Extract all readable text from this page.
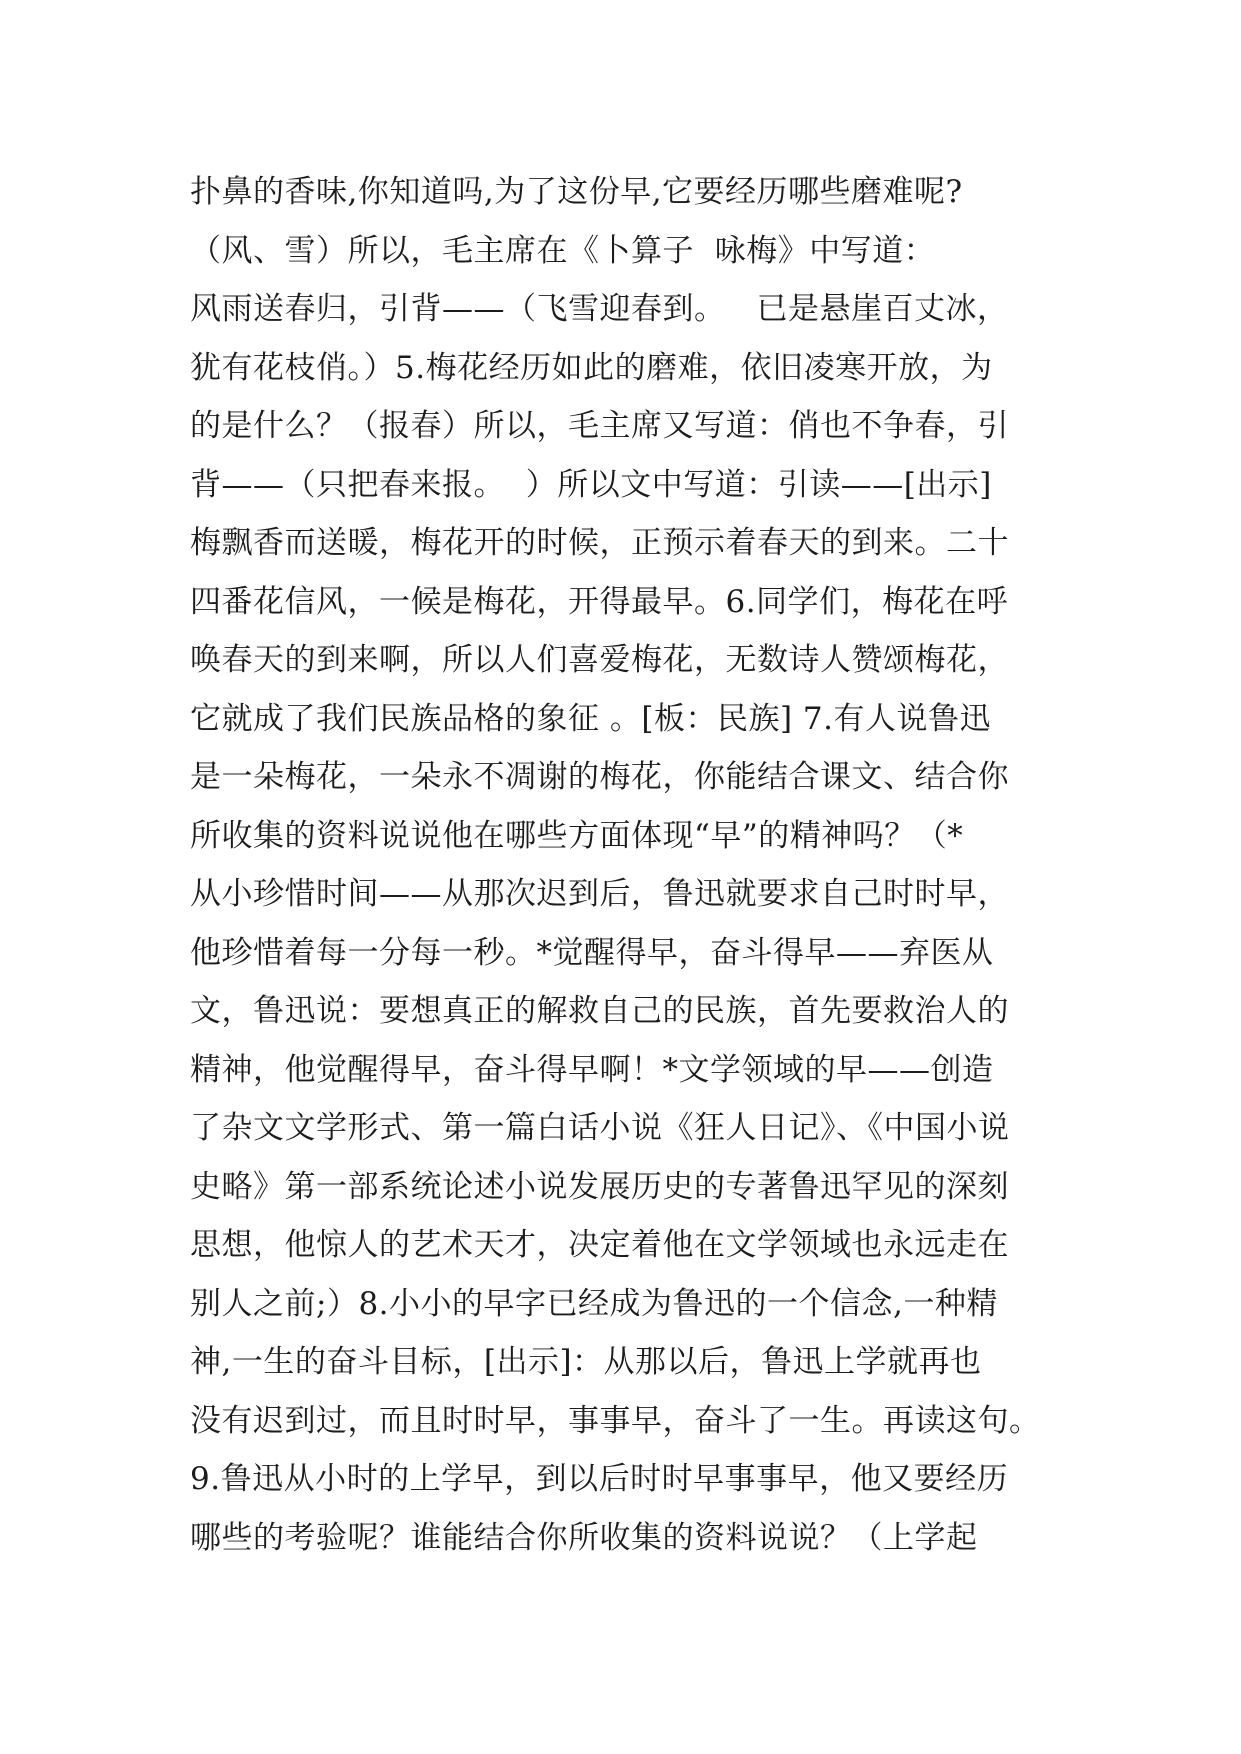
扑鼻的香味,你知道吗,为了这份早,它要经历哪些磨难呢?
（风、雪）所以，毛主席在《卜算子  咏梅》中写道：
风雨送春归，引背——（飞雪迎春到。   已是悬崖百丈冰，
犹有花枝俏。）5.梅花经历如此的磨难，依旧凌寒开放，为
的是什么？（报春）所以，毛主席又写道：俏也不争春，引
背——（只把春来报。  ）所以文中写道：引读——[出示]
梅飘香而送暖，梅花开的时候，正预示着春天的到来。二十
四番花信风，一候是梅花，开得最早。6.同学们，梅花在呼
唤春天的到来啊，所以人们喜爱梅花，无数诗人赞颂梅花，
它就成了我们民族品格的象征 。[板：民族] 7.有人说鲁迅
是一朵梅花，一朵永不凋谢的梅花，你能结合课文、结合你
所收集的资料说说他在哪些方面体现“早”的精神吗？（*
从小珍惜时间——从那次迟到后，鲁迅就要求自己时时早，
他珍惜着每一分每一秒。*觉醒得早，奋斗得早——弃医从
文，鲁迅说：要想真正的解救自己的民族，首先要救治人的
精神，他觉醒得早，奋斗得早啊！*文学领域的早——创造
了杂文文学形式、第一篇白话小说《狂人日记》、《中国小说
史略》第一部系统论述小说发展历史的专著鲁迅罕见的深刻
思想，他惊人的艺术天才，决定着他在文学领域也永远走在
别人之前;）8.小小的早字已经成为鲁迅的一个信念,一种精
神,一生的奋斗目标，[出示]：从那以后，鲁迅上学就再也
没有迟到过，而且时时早，事事早，奋斗了一生。再读这句。
9.鲁迅从小时的上学早，到以后时时早事事早，他又要经历
哪些的考验呢？谁能结合你所收集的资料说说？（上学起
